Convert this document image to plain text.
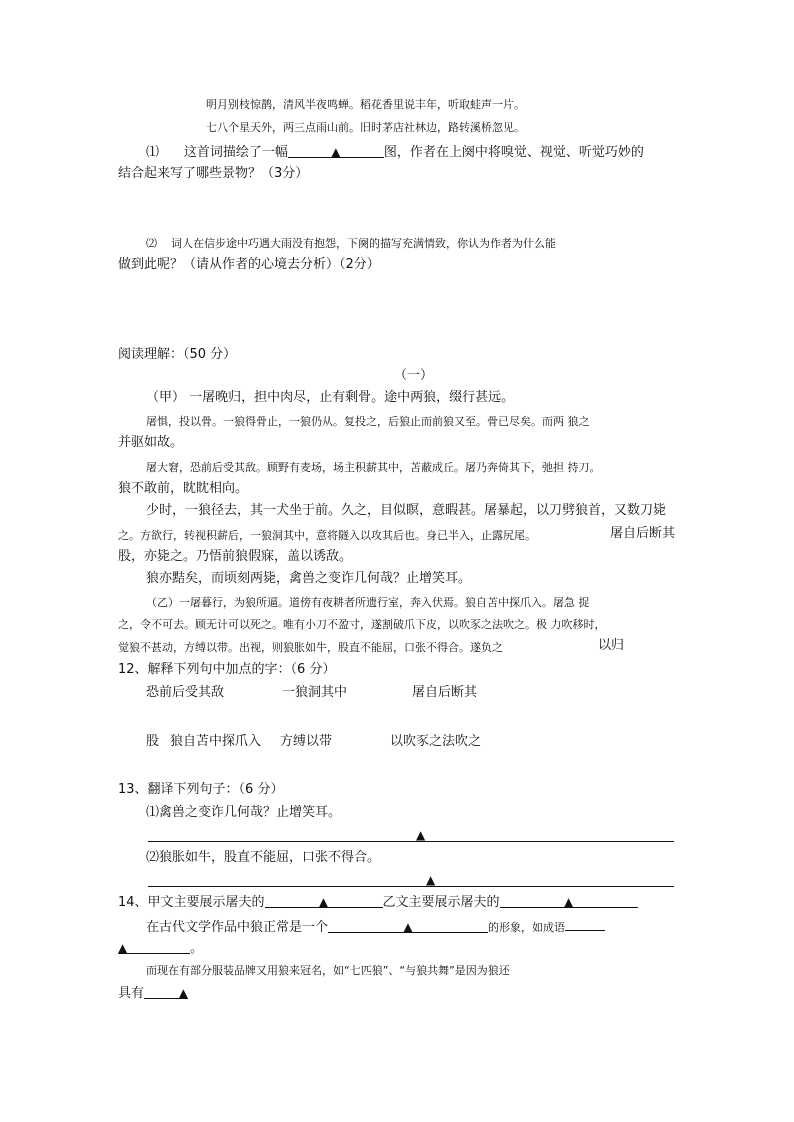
明月别枝惊鹊，清风半夜鸣蝉。稻花香里说丰年，听取蛙声一片。
七八个星天外，两三点雨山前。旧时茅店社林边，路转溪桥忽见。
⑴ 这首词描绘了一幅	▲	图，作者在上阕中将嗅觉、视觉、听觉巧妙的
结合起来写了哪些景物？（3分）
⑵ 词人在信步途中巧遇大雨没有抱怨，下阕的描写充满情致，你认为作者为什么能
做到此呢？（请从作者的心境去分析）（2分）
阅读理解：（50 分）
（一）
（甲） 一屠晚归，担中肉尽，止有剩骨。途中两狼，缀行甚远。
屠惧，投以骨。一狼得骨止，一狼仍从。复投之，后狼止而前狼又至。骨已尽矣。而两 狼之
并驱如故。
屠大窘，恐前后受其敌。顾野有麦场，场主积薪其中，苫蔽成丘。屠乃奔倚其下，弛担 持刀。
狼不敢前，眈眈相向。
少时，一狼径去，其一犬坐于前。久之，目似瞑，意暇甚。屠暴起，以刀劈狼首，又数刀毙
之。方欲行，转视积薪后，一狼洞其中，意将隧入以攻其后也。身已半入，止露尻尾。	屠自后断其
股，亦毙之。乃悟前狼假寐，盖以诱敌。
狼亦黠矣，而顷刻两毙，禽兽之变诈几何哉？止增笑耳。
（乙）一屠暮行，为狼所逼。道傍有夜耕者所遗行室，奔入伏焉。狼自苫中探爪入。屠急 捉
之，令不可去。顾无计可以死之。唯有小刀不盈寸，遂割破爪下皮，以吹豕之法吹之。极 力吹移时，
觉狼不甚动，方缚以带。出视，则狼胀如牛，股直不能屈，口张不得合。遂负之	以归
12、解释下列句中加点的字：（6 分）
恐前后受其敌	一狼洞其中	屠自后断其
股 狼自苫中探爪入 方缚以带	以吹豕之法吹之
13、翻译下列句子：（6 分）
⑴禽兽之变诈几何哉？止增笑耳。
▲
⑵狼胀如牛，股直不能屈，口张不得合。
▲
14、甲文主要展示屠夫的	▲	乙文主要展示屠夫的	▲
在古代文学作品中狼正常是一个	▲	的形象，如成语
▲	。
而现在有部分服装品牌又用狼来冠名，如“七匹狼”、“与狼共舞”是因为狼还
具有	▲
